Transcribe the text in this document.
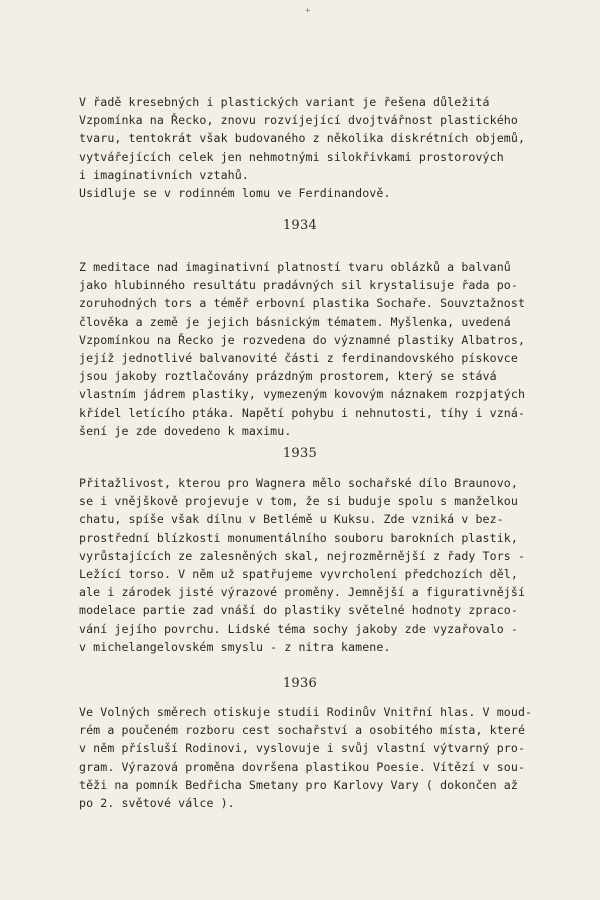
+
V řadě kresebných i plastických variant je řešena důležitá
Vzpomínka na Řecko, znovu rozvíjející dvojtvářnost plastického
tvaru, tentokrát však budovaného z několika diskrétních objemů,
vytvářejících celek jen nehmotnými silokřivkami prostorových
i imaginativních vztahů.
Usidluje se v rodinném lomu ve Ferdinandově.
1934
Z meditace nad imaginativní platností tvaru oblázků a balvanů
jako hlubinného resultátu pradávných sil krystalisuje řada po-
zoruhodných tors a téměř erbovní plastika Sochaře. Souvztažnost
člověka a země je jejich básnickým tématem. Myšlenka, uvedená
Vzpomínkou na Řecko je rozvedena do významné plastiky Albatros,
jejíž jednotlivé balvanovité části z ferdinandovského pískovce
jsou jakoby roztlačovány prázdným prostorem, který se stává
vlastním jádrem plastiky, vymezeným kovovým náznakem rozpjatých
křídel letícího ptáka. Napětí pohybu i nehnutosti, tíhy i vzná-
šení je zde dovedeno k maximu.
1935
Přitažlivost, kterou pro Wagnera mělo sochařské dílo Braunovo,
se i vnějškově projevuje v tom, že si buduje spolu s manželkou
chatu, spíše však dílnu v Betlémě u Kuksu. Zde vzniká v bez-
prostřední blízkosti monumentálního souboru barokních plastik,
vyrůstajících ze zalesněných skal, nejrozměrnější z řady Tors -
Ležící torso. V něm už spatřujeme vyvrcholení předchozích děl,
ale i zárodek jisté výrazové proměny. Jemnější a figurativnější
modelace partie zad vnáší do plastiky světelné hodnoty zpraco-
vání jejího povrchu. Lidské téma sochy jakoby zde vyzařovalo -
v michelangelovském smyslu - z nitra kamene.
1936
Ve Volných směrech otiskuje studii Rodinův Vnitřní hlas. V moud-
rém a poučeném rozboru cest sochařství a osobitého místa, které
v něm přísluší Rodinovi, vyslovuje i svůj vlastní výtvarný pro-
gram. Výrazová proměna dovršena plastikou Poesie. Vítězí v sou-
těži na pomník Bedřicha Smetany pro Karlovy Vary ( dokončen až
po 2. světové válce ).
